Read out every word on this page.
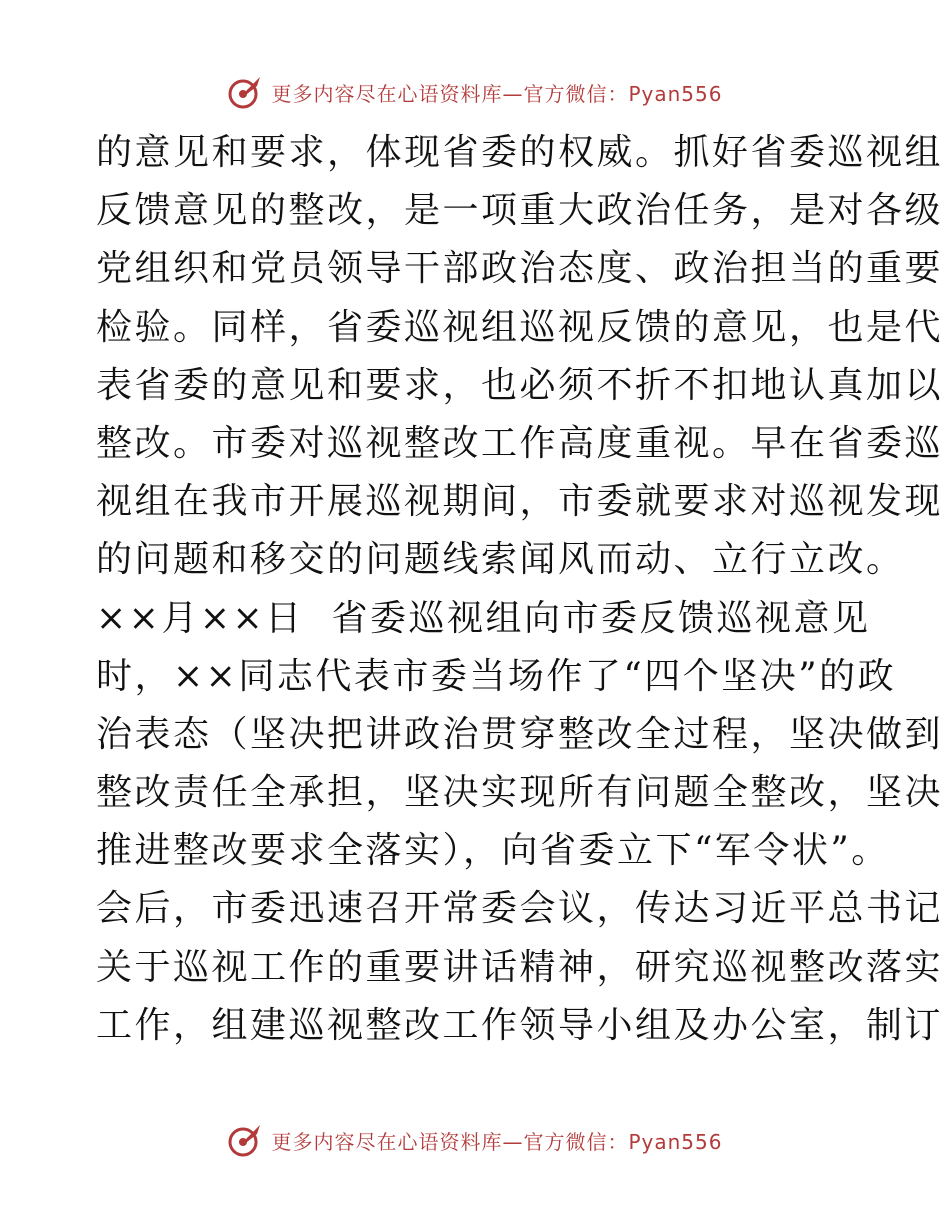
更多内容尽在心语资料库—官方微信：Pyan556
的意见和要求，体现省委的权威。抓好省委巡视组
反馈意见的整改，是一项重大政治任务，是对各级
党组织和党员领导干部政治态度、政治担当的重要
检验。同样，省委巡视组巡视反馈的意见，也是代
表省委的意见和要求，也必须不折不扣地认真加以
整改。市委对巡视整改工作高度重视。早在省委巡
视组在我市开展巡视期间，市委就要求对巡视发现
的问题和移交的问题线索闻风而动、立行立改。
××月××日  省委巡视组向市委反馈巡视意见
时，××同志代表市委当场作了“四个坚决”的政
治表态（坚决把讲政治贯穿整改全过程，坚决做到
整改责任全承担，坚决实现所有问题全整改，坚决
推进整改要求全落实），向省委立下“军令状”。
会后，市委迅速召开常委会议，传达习近平总书记
关于巡视工作的重要讲话精神，研究巡视整改落实
工作，组建巡视整改工作领导小组及办公室，制订
更多内容尽在心语资料库—官方微信：Pyan556
